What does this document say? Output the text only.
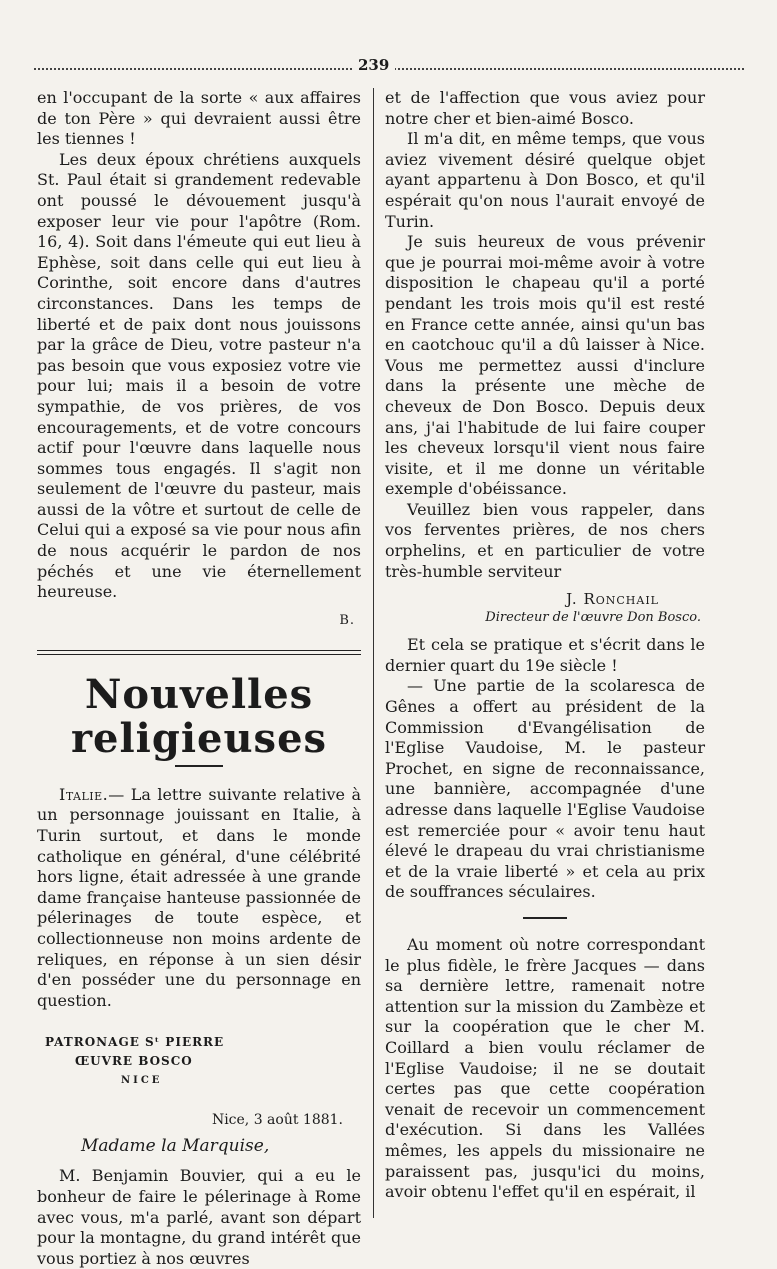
239

en l'occupant de la sorte « aux affaires de ton Père » qui devraient aussi être les tiennes !

Les deux époux chrétiens auxquels St. Paul était si grandement redevable ont poussé le dévouement jusqu'à exposer leur vie pour l'apôtre (Rom. 16, 4). Soit dans l'émeute qui eut lieu à Ephèse, soit dans celle qui eut lieu à Corinthe, soit encore dans d'autres circonstances. Dans les temps de liberté et de paix dont nous jouissons par la grâce de Dieu, votre pasteur n'a pas besoin que vous exposiez votre vie pour lui; mais il a besoin de votre sympathie, de vos prières, de vos encouragements, et de votre concours actif pour l'œuvre dans laquelle nous sommes tous engagés. Il s'agit non seulement de l'œuvre du pasteur, mais aussi de la vôtre et surtout de celle de Celui qui a exposé sa vie pour nous afin de nous acquérir le pardon de nos péchés et une vie éternellement heureuse.

B.
Nouvelles religieuses

Italie.— La lettre suivante relative à un personnage jouissant en Italie, à Turin surtout, et dans le monde catholique en général, d'une célébrité hors ligne, était adressée à une grande dame française hanteuse passionnée de pélerinages de toute espèce, et collectionneuse non moins ardente de reliques, en réponse à un sien désir d'en posséder une du personnage en question.

PATRONAGE Sᵗ PIERRE
ŒUVRE BOSCO
NICE
Nice, 3 août 1881.
Madame la Marquise,

M. Benjamin Bouvier, qui a eu le bonheur de faire le pélerinage à Rome avec vous, m'a parlé, avant son départ pour la montagne, du grand intérêt que vous portiez à nos œuvres

et de l'affection que vous aviez pour notre cher et bien-aimé Bosco.

Il m'a dit, en même temps, que vous aviez vivement désiré quelque objet ayant appartenu à Don Bosco, et qu'il espérait qu'on nous l'aurait envoyé de Turin.

Je suis heureux de vous prévenir que je pourrai moi-même avoir à votre disposition le chapeau qu'il a porté pendant les trois mois qu'il est resté en France cette année, ainsi qu'un bas en caotchouc qu'il a dû laisser à Nice. Vous me permettez aussi d'inclure dans la présente une mèche de cheveux de Don Bosco. Depuis deux ans, j'ai l'habitude de lui faire couper les cheveux lorsqu'il vient nous faire visite, et il me donne un véritable exemple d'obéissance.

Veuillez bien vous rappeler, dans vos ferventes prières, de nos chers orphelins, et en particulier de votre très-humble serviteur

J. Ronchail
Directeur de l'œuvre Don Bosco.

Et cela se pratique et s'écrit dans le dernier quart du 19e siècle !

— Une partie de la scolaresca de Gênes a offert au président de la Commission d'Evangélisation de l'Eglise Vaudoise, M. le pasteur Prochet, en signe de reconnaissance, une bannière, accompagnée d'une adresse dans laquelle l'Eglise Vaudoise est remerciée pour « avoir tenu haut élevé le drapeau du vrai christianisme et de la vraie liberté » et cela au prix de souffrances séculaires.

Au moment où notre correspondant le plus fidèle, le frère Jacques — dans sa dernière lettre, ramenait notre attention sur la mission du Zambèze et sur la coopération que le cher M. Coillard a bien voulu réclamer de l'Eglise Vaudoise; il ne se doutait certes pas que cette coopération venait de recevoir un commencement d'exécution. Si dans les Vallées mêmes, les appels du missionaire ne paraissent pas, jusqu'ici du moins, avoir obtenu l'effet qu'il en espérait, il
